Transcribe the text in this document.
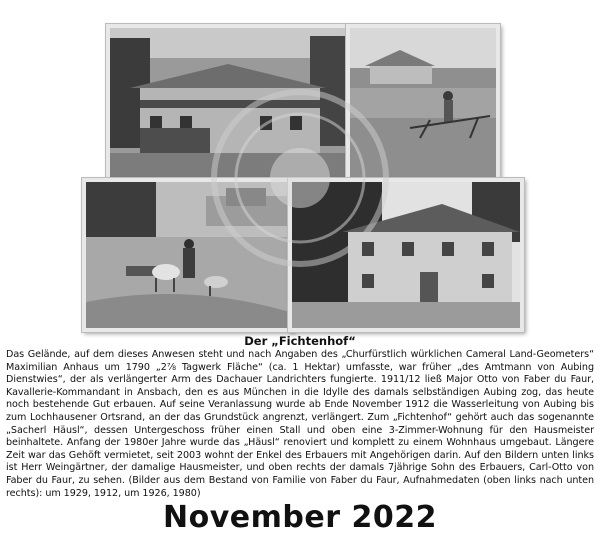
Der „Fichtenhof“
Das Gelände, auf dem dieses Anwesen steht und nach Angaben des „Churfürstlich würklichen Cameral Land-Geometers“ Maximilian Anhaus um 1790 „2⅞ Tagwerk Fläche“ (ca. 1 Hektar) umfasste, war früher „des Amtmann von Aubing Dienstwies“, der als verlängerter Arm des Dachauer Landrichters fungierte. 1911/12 ließ Major Otto von Faber du Faur, Kavallerie-Kommandant in Ansbach, den es aus München in die Idylle des damals selbständigen Aubing zog, das heute noch bestehende Gut erbauen. Auf seine Veranlassung wurde ab Ende November 1912 die Wasserleitung von Aubing bis zum Lochhausener Ortsrand, an der das Grundstück angrenzt, verlängert. Zum „Fichtenhof“ gehört auch das sogenannte „Sacherl Häusl“, dessen Untergeschoss früher einen Stall und oben eine 3-Zimmer-Wohnung für den Hausmeister beinhaltete. Anfang der 1980er Jahre wurde das „Häusl“ renoviert und komplett zu einem Wohnhaus umgebaut. Längere Zeit war das Gehöft vermietet, seit 2003 wohnt der Enkel des Erbauers mit Angehörigen darin. Auf den Bildern unten links ist Herr Weingärtner, der damalige Hausmeister, und oben rechts der damals 7jährige Sohn des Erbauers, Carl-Otto von Faber du Faur, zu sehen. (Bilder aus dem Bestand von Familie von Faber du Faur, Aufnahmedaten (oben links nach unten rechts): um 1929, 1912, um 1926, 1980)
November 2022
